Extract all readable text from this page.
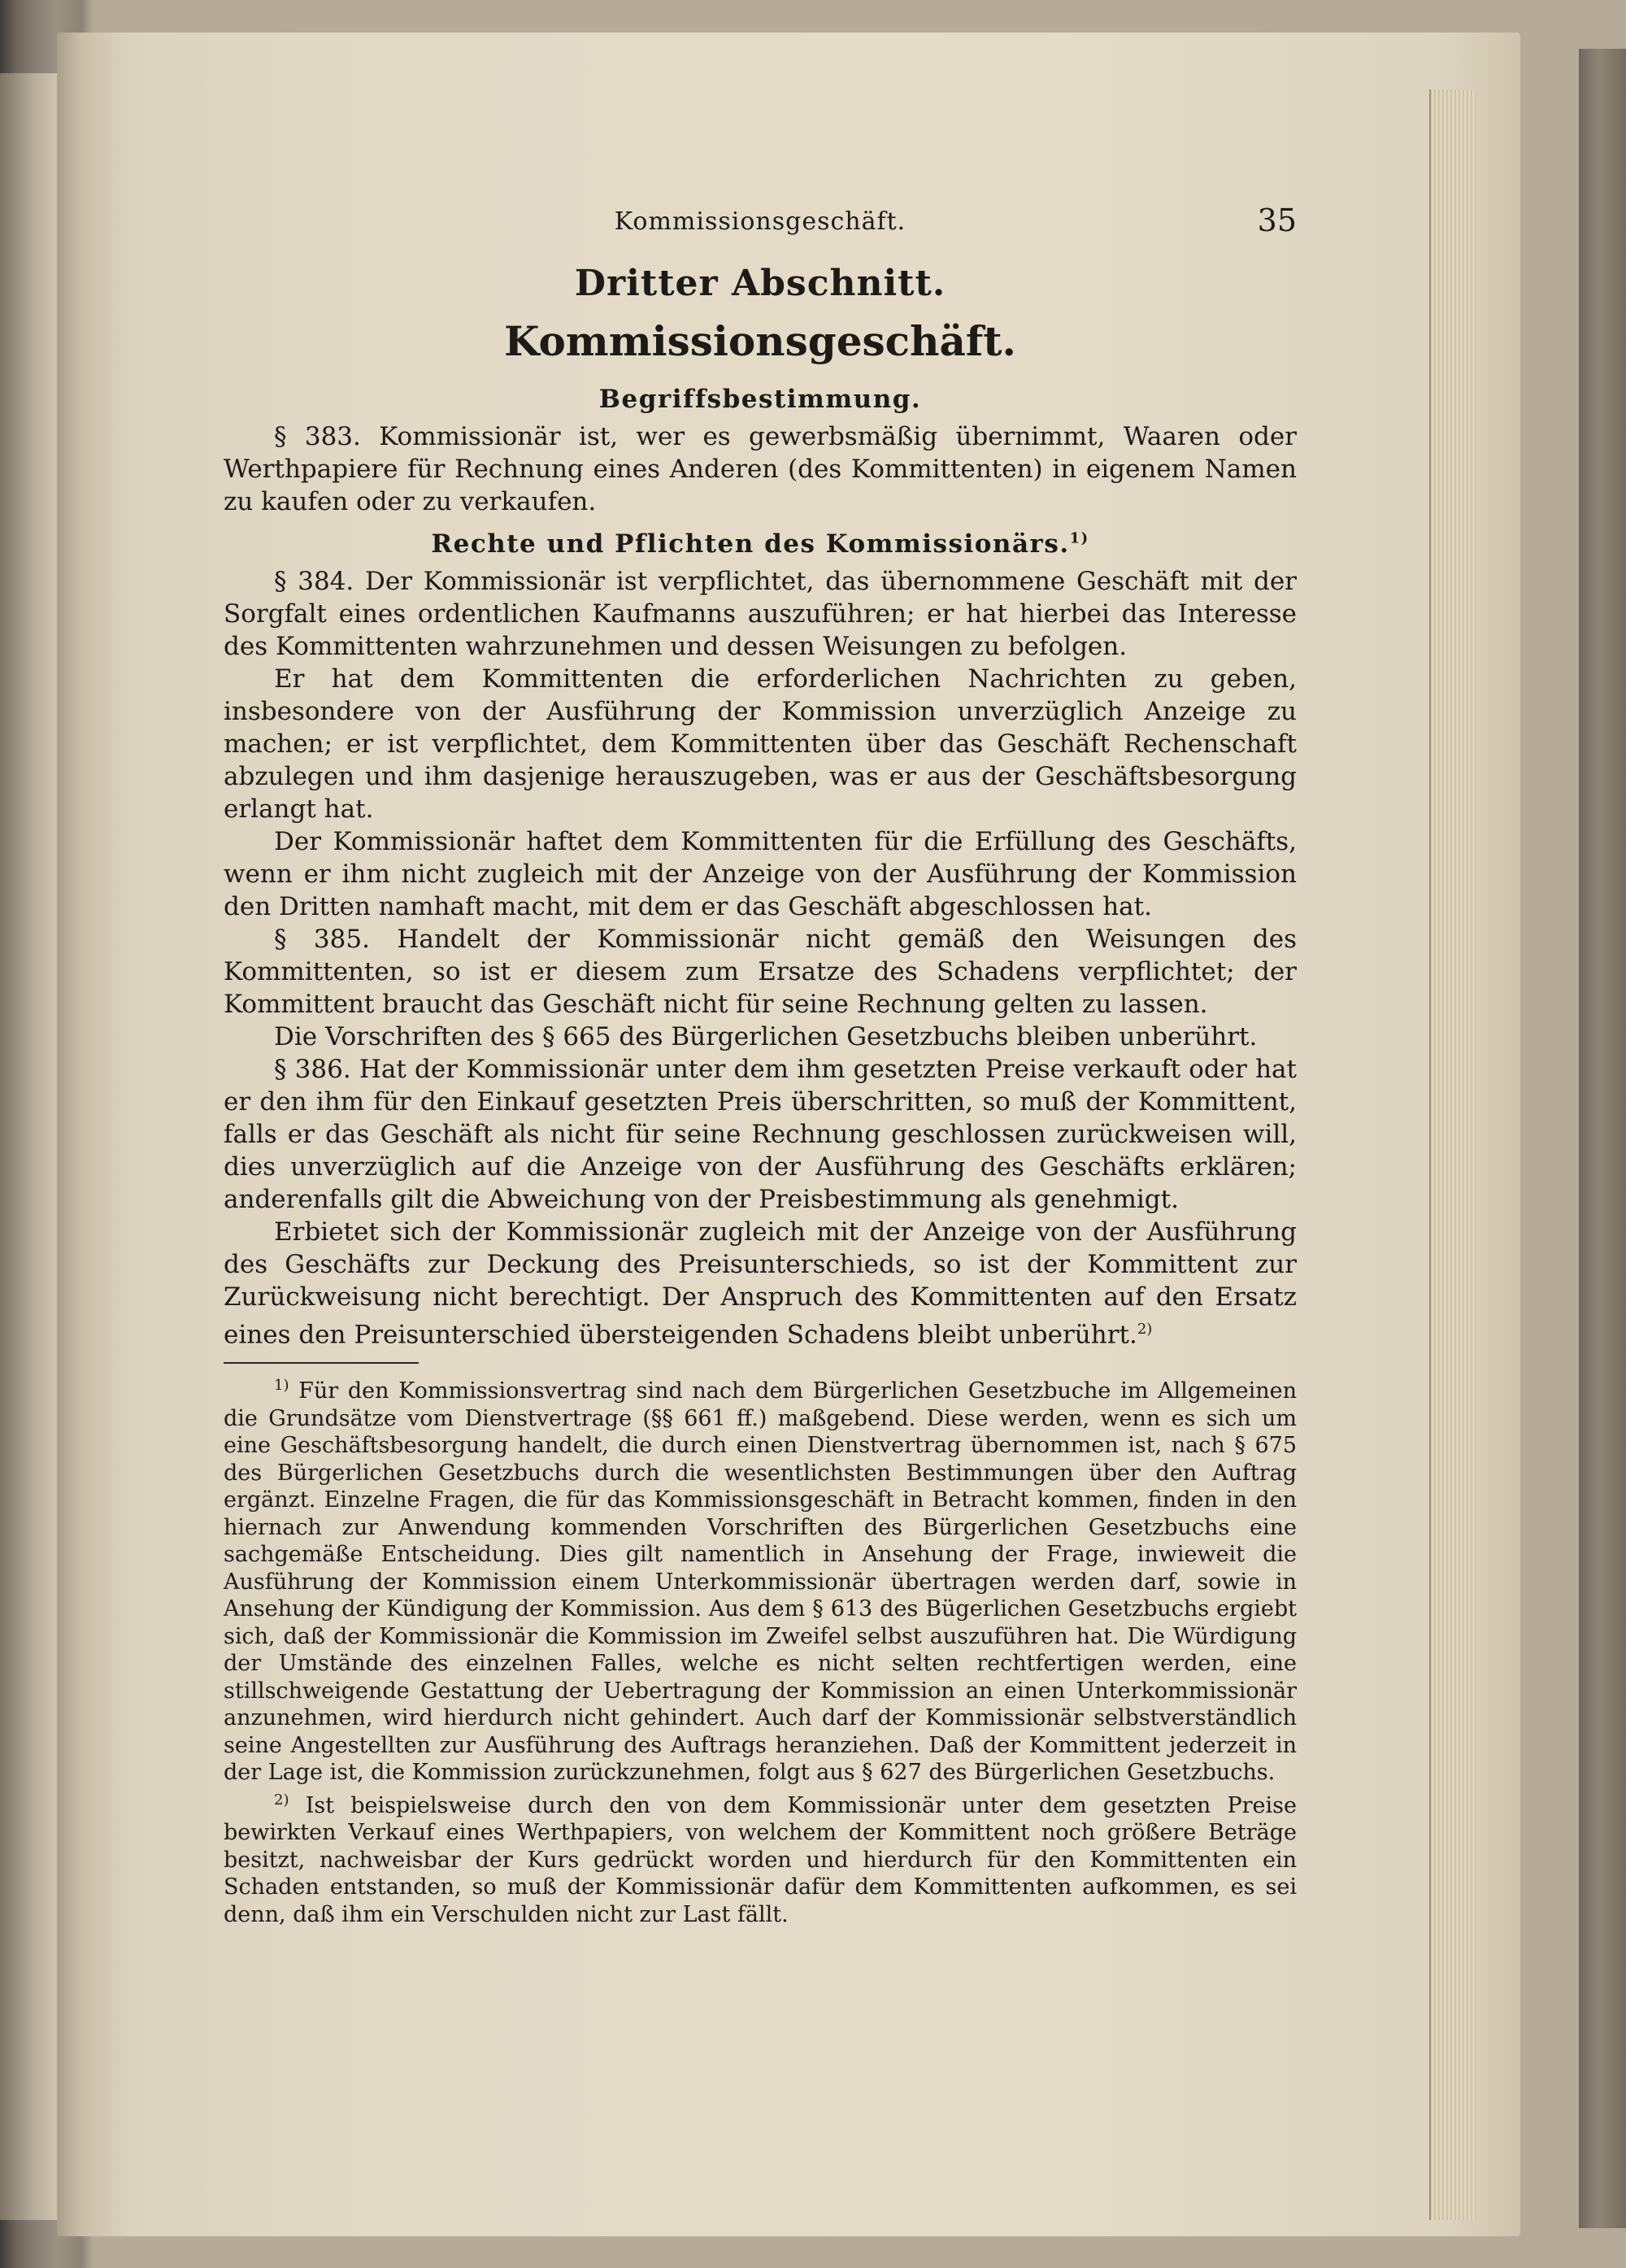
Kommissionsgeschäft.	35
Dritter Abschnitt.
Kommissionsgeschäft.
Begriffsbestimmung.

§ 383. Kommissionär ist, wer es gewerbsmäßig übernimmt, Waaren oder Werthpapiere für Rechnung eines Anderen (des Kommittenten) in eigenem Namen zu kaufen oder zu verkaufen.

Rechte und Pflichten des Kommissionärs.$^{1)}$

§ 384. Der Kommissionär ist verpflichtet, das übernommene Geschäft mit der Sorgfalt eines ordentlichen Kaufmanns auszuführen; er hat hierbei das Interesse des Kommittenten wahrzunehmen und dessen Weisungen zu befolgen.

Er hat dem Kommittenten die erforderlichen Nachrichten zu geben, insbesondere von der Ausführung der Kommission unverzüglich Anzeige zu machen; er ist verpflichtet, dem Kommittenten über das Geschäft Rechenschaft abzulegen und ihm dasjenige herauszugeben, was er aus der Geschäftsbesorgung erlangt hat.

Der Kommissionär haftet dem Kommittenten für die Erfüllung des Geschäfts, wenn er ihm nicht zugleich mit der Anzeige von der Ausführung der Kommission den Dritten namhaft macht, mit dem er das Geschäft abgeschlossen hat.

§ 385. Handelt der Kommissionär nicht gemäß den Weisungen des Kommittenten, so ist er diesem zum Ersatze des Schadens verpflichtet; der Kommittent braucht das Geschäft nicht für seine Rechnung gelten zu lassen.

Die Vorschriften des § 665 des Bürgerlichen Gesetzbuchs bleiben unberührt.

§ 386. Hat der Kommissionär unter dem ihm gesetzten Preise verkauft oder hat er den ihm für den Einkauf gesetzten Preis überschritten, so muß der Kommittent, falls er das Geschäft als nicht für seine Rechnung geschlossen zurückweisen will, dies unverzüglich auf die Anzeige von der Ausführung des Geschäfts erklären; anderenfalls gilt die Abweichung von der Preisbestimmung als genehmigt.

Erbietet sich der Kommissionär zugleich mit der Anzeige von der Ausführung des Geschäfts zur Deckung des Preisunterschieds, so ist der Kommittent zur Zurückweisung nicht berechtigt. Der Anspruch des Kommittenten auf den Ersatz eines den Preisunterschied übersteigenden Schadens bleibt unberührt.$^{2)}$

$^{1)}$ Für den Kommissionsvertrag sind nach dem Bürgerlichen Gesetzbuche im Allgemeinen die Grundsätze vom Dienstvertrage (§§ 661 ff.) maßgebend. Diese werden, wenn es sich um eine Geschäftsbesorgung handelt, die durch einen Dienstvertrag übernommen ist, nach § 675 des Bürgerlichen Gesetzbuchs durch die wesentlichsten Bestimmungen über den Auftrag ergänzt. Einzelne Fragen, die für das Kommissionsgeschäft in Betracht kommen, finden in den hiernach zur Anwendung kommenden Vorschriften des Bürgerlichen Gesetzbuchs eine sachgemäße Entscheidung. Dies gilt namentlich in Ansehung der Frage, inwieweit die Ausführung der Kommission einem Unterkommissionär übertragen werden darf, sowie in Ansehung der Kündigung der Kommission. Aus dem § 613 des Bügerlichen Gesetzbuchs ergiebt sich, daß der Kommissionär die Kommission im Zweifel selbst auszuführen hat. Die Würdigung der Umstände des einzelnen Falles, welche es nicht selten rechtfertigen werden, eine stillschweigende Gestattung der Uebertragung der Kommission an einen Unterkommissionär anzunehmen, wird hierdurch nicht gehindert. Auch darf der Kommissionär selbstverständlich seine Angestellten zur Ausführung des Auftrags heranziehen. Daß der Kommittent jederzeit in der Lage ist, die Kommission zurückzunehmen, folgt aus § 627 des Bürgerlichen Gesetzbuchs.

$^{2)}$ Ist beispielsweise durch den von dem Kommissionär unter dem gesetzten Preise bewirkten Verkauf eines Werthpapiers, von welchem der Kommittent noch größere Beträge besitzt, nachweisbar der Kurs gedrückt worden und hierdurch für den Kommittenten ein Schaden entstanden, so muß der Kommissionär dafür dem Kommittenten aufkommen, es sei denn, daß ihm ein Verschulden nicht zur Last fällt.
